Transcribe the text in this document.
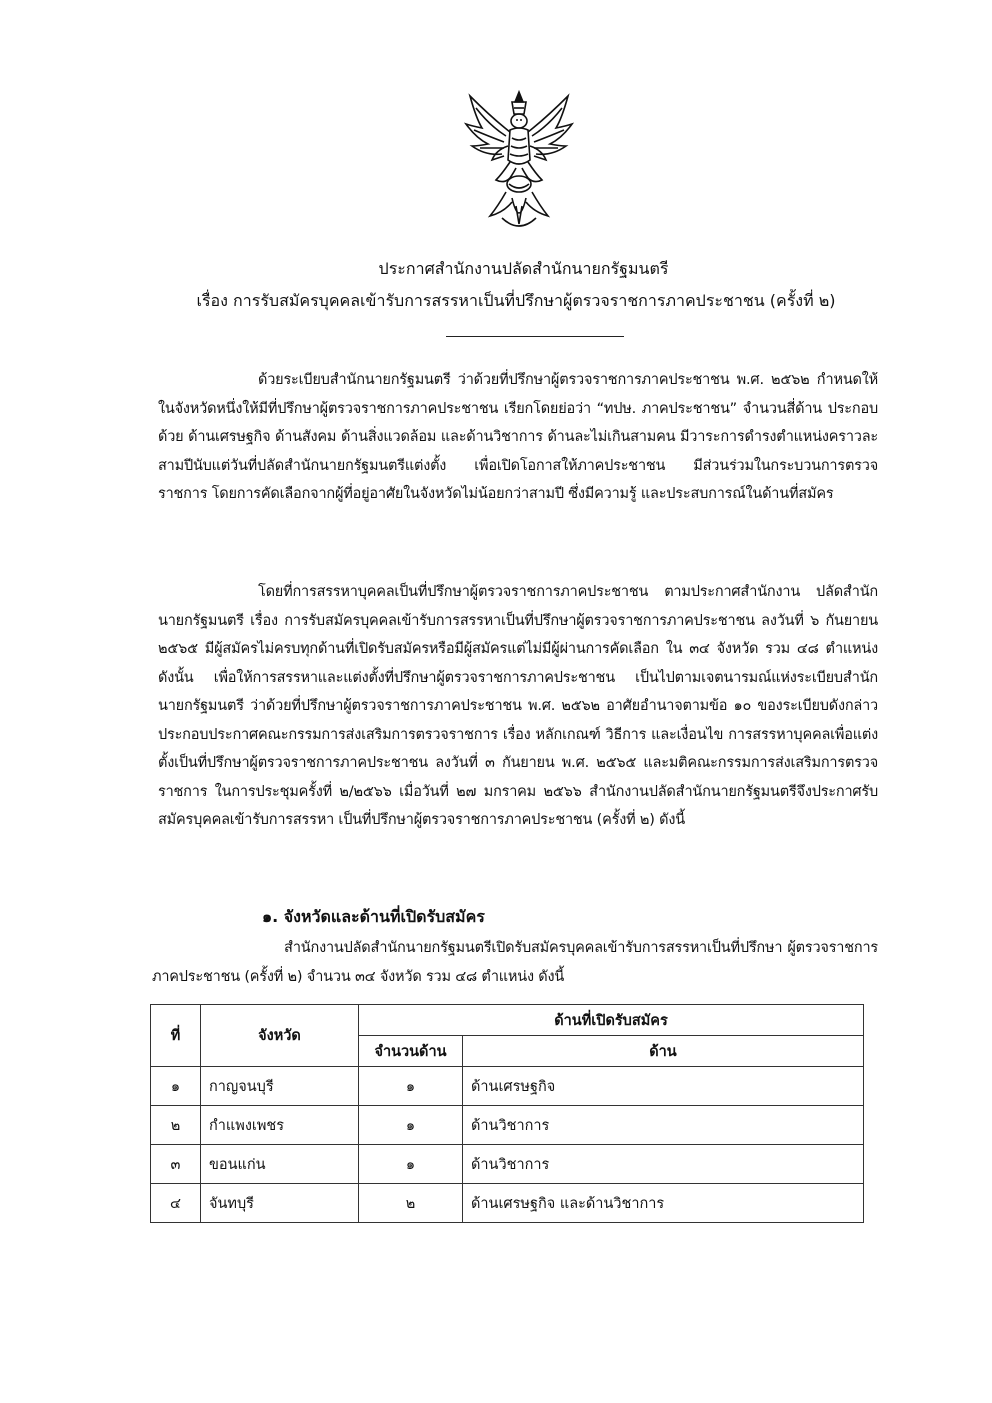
ประกาศสำนักงานปลัดสำนักนายกรัฐมนตรี
เรื่อง การรับสมัครบุคคลเข้ารับการสรรหาเป็นที่ปรึกษาผู้ตรวจราชการภาคประชาชน (ครั้งที่ ๒)

ด้วยระเบียบสำนักนายกรัฐมนตรี ว่าด้วยที่ปรึกษาผู้ตรวจราชการภาคประชาชน พ.ศ. ๒๕๖๒ กำหนดให้ ในจังหวัดหนึ่งให้มีที่ปรึกษาผู้ตรวจราชการภาคประชาชน เรียกโดยย่อว่า “ทปษ. ภาคประชาชน” จำนวนสี่ด้าน ประกอบด้วย ด้านเศรษฐกิจ ด้านสังคม ด้านสิ่งแวดล้อม และด้านวิชาการ ด้านละไม่เกินสามคน มีวาระการดำรงตำแหน่งคราวละสามปีนับแต่วันที่ปลัดสำนักนายกรัฐมนตรีแต่งตั้ง เพื่อเปิดโอกาสให้ภาคประชาชน มีส่วนร่วมในกระบวนการตรวจราชการ โดยการคัดเลือกจากผู้ที่อยู่อาศัยในจังหวัดไม่น้อยกว่าสามปี ซึ่งมีความรู้ และประสบการณ์ในด้านที่สมัคร

โดยที่การสรรหาบุคคลเป็นที่ปรึกษาผู้ตรวจราชการภาคประชาชน ตามประกาศสำนักงาน ปลัดสำนักนายกรัฐมนตรี เรื่อง การรับสมัครบุคคลเข้ารับการสรรหาเป็นที่ปรึกษาผู้ตรวจราชการภาคประชาชน ลงวันที่ ๖ กันยายน ๒๕๖๕ มีผู้สมัครไม่ครบทุกด้านที่เปิดรับสมัครหรือมีผู้สมัครแต่ไม่มีผู้ผ่านการคัดเลือก ใน ๓๔ จังหวัด รวม ๔๘ ตำแหน่ง ดังนั้น เพื่อให้การสรรหาและแต่งตั้งที่ปรึกษาผู้ตรวจราชการภาคประชาชน เป็นไปตามเจตนารมณ์แห่งระเบียบสำนักนายกรัฐมนตรี ว่าด้วยที่ปรึกษาผู้ตรวจราชการภาคประชาชน พ.ศ. ๒๕๖๒ อาศัยอำนาจตามข้อ ๑๐ ของระเบียบดังกล่าว ประกอบประกาศคณะกรรมการส่งเสริมการตรวจราชการ เรื่อง หลักเกณฑ์ วิธีการ และเงื่อนไข การสรรหาบุคคลเพื่อแต่งตั้งเป็นที่ปรึกษาผู้ตรวจราชการภาคประชาชน ลงวันที่ ๓ กันยายน พ.ศ. ๒๕๖๕ และมติคณะกรรมการส่งเสริมการตรวจราชการ ในการประชุมครั้งที่ ๒/๒๕๖๖ เมื่อวันที่ ๒๗ มกราคม ๒๕๖๖ สำนักงานปลัดสำนักนายกรัฐมนตรีจึงประกาศรับสมัครบุคคลเข้ารับการสรรหา เป็นที่ปรึกษาผู้ตรวจราชการภาคประชาชน (ครั้งที่ ๒) ดังนี้

๑. จังหวัดและด้านที่เปิดรับสมัคร

สำนักงานปลัดสำนักนายกรัฐมนตรีเปิดรับสมัครบุคคลเข้ารับการสรรหาเป็นที่ปรึกษา ผู้ตรวจราชการภาคประชาชน (ครั้งที่ ๒) จำนวน ๓๔ จังหวัด รวม ๔๘ ตำแหน่ง ดังนี้

ที่	จังหวัด	ด้านที่เปิดรับสมัคร	
		จำนวนด้าน	ด้าน
๑	กาญจนบุรี	๑	ด้านเศรษฐกิจ
๒	กำแพงเพชร	๑	ด้านวิชาการ
๓	ขอนแก่น	๑	ด้านวิชาการ
๔	จันทบุรี	๒	ด้านเศรษฐกิจ และด้านวิชาการ
